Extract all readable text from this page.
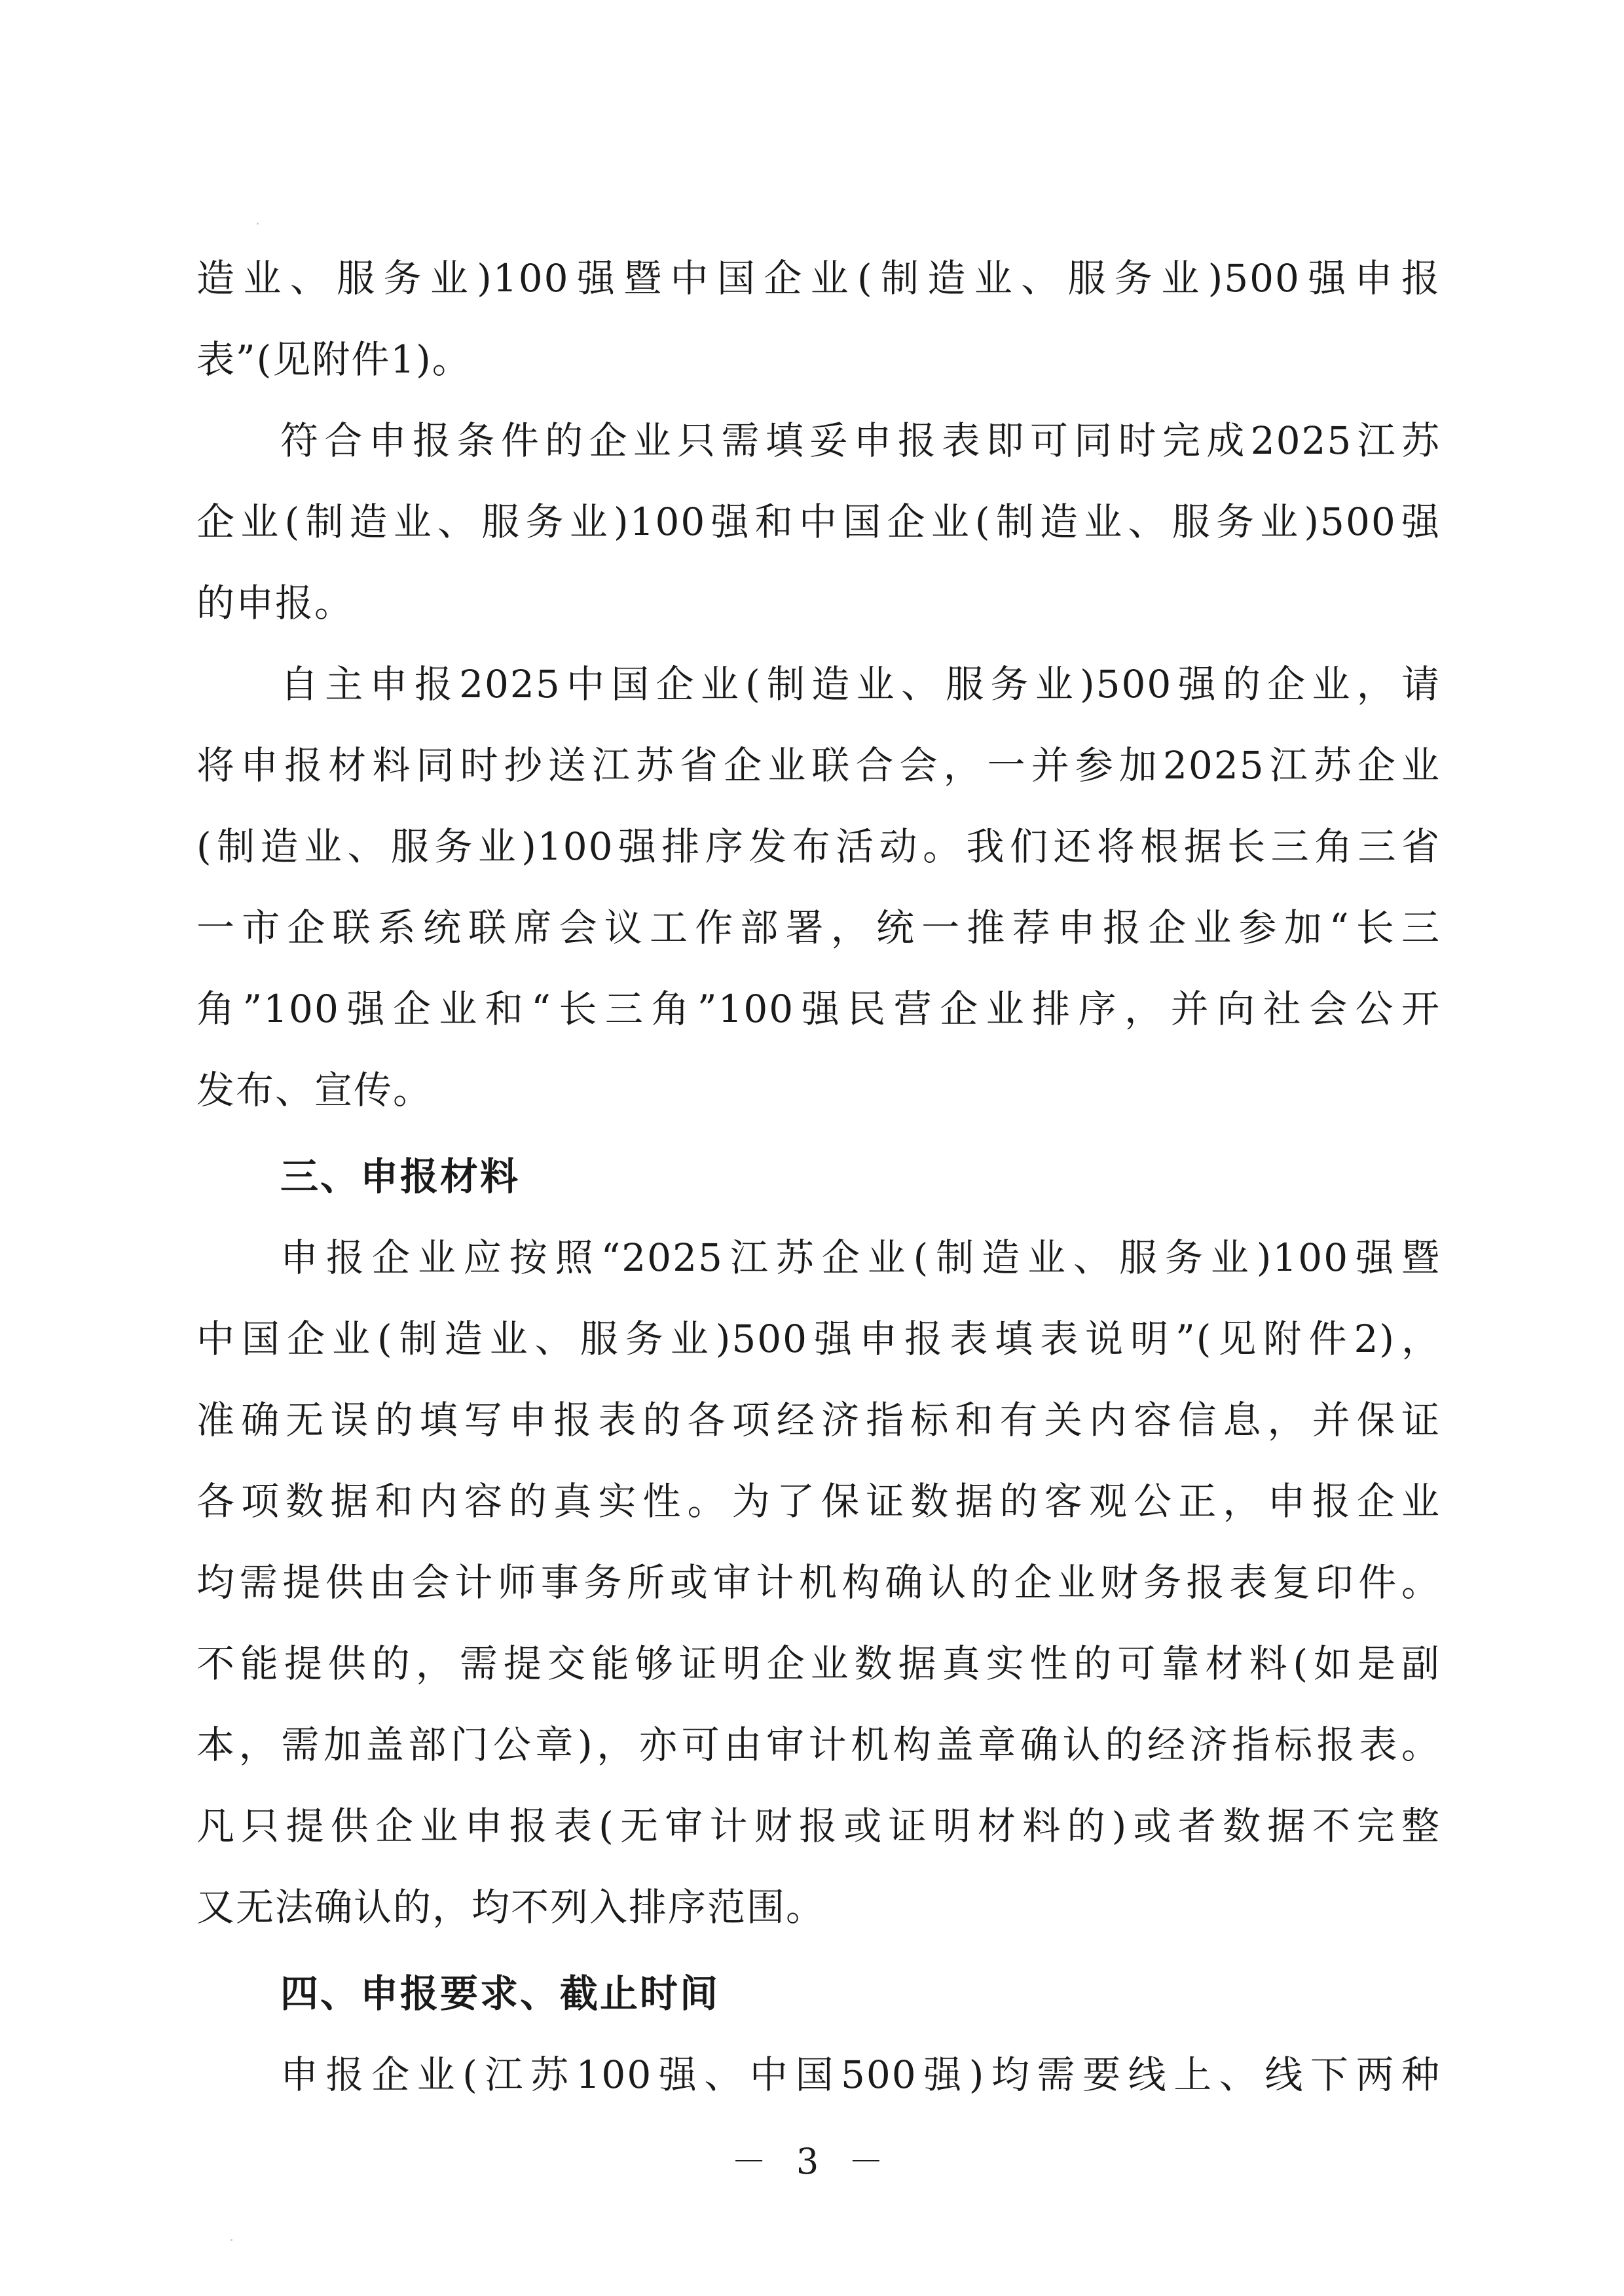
造业、服务业)100强暨中国企业(制造业、服务业)500强申报
表”(见附件1)。
符合申报条件的企业只需填妥申报表即可同时完成2025江苏
企业(制造业、服务业)100强和中国企业(制造业、服务业)500强
的申报。
自主申报2025中国企业(制造业、服务业)500强的企业，请
将申报材料同时抄送江苏省企业联合会，一并参加2025江苏企业
(制造业、服务业)100强排序发布活动。我们还将根据长三角三省
一市企联系统联席会议工作部署，统一推荐申报企业参加“长三
角”100强企业和“长三角”100强民营企业排序，并向社会公开
发布、宣传。
三、申报材料
申报企业应按照“2025江苏企业(制造业、服务业)100强暨
中国企业(制造业、服务业)500强申报表填表说明”(见附件2)，
准确无误的填写申报表的各项经济指标和有关内容信息，并保证
各项数据和内容的真实性。为了保证数据的客观公正，申报企业
均需提供由会计师事务所或审计机构确认的企业财务报表复印件。
不能提供的，需提交能够证明企业数据真实性的可靠材料(如是副
本，需加盖部门公章)，亦可由审计机构盖章确认的经济指标报表。
凡只提供企业申报表(无审计财报或证明材料的)或者数据不完整
又无法确认的，均不列入排序范围。
四、申报要求、截止时间
申报企业(江苏100强、中国500强)均需要线上、线下两种
－ 3 －
